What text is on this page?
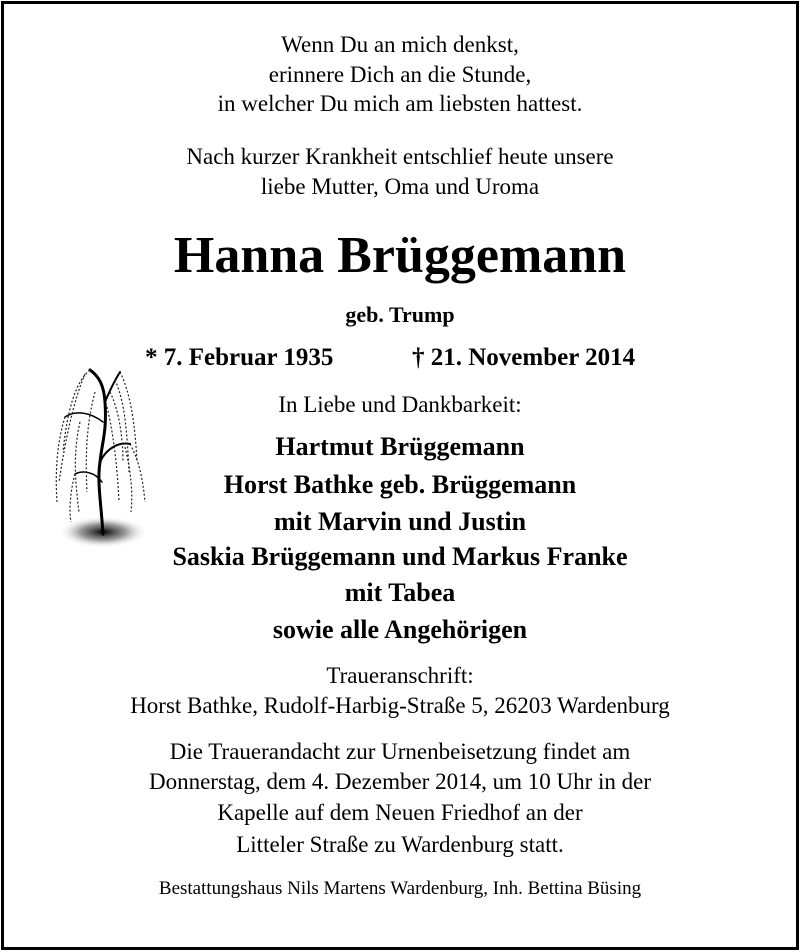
Wenn Du an mich denkst,
erinnere Dich an die Stunde,
in welcher Du mich am liebsten hattest.
Nach kurzer Krankheit entschlief heute unsere
liebe Mutter, Oma und Uroma
Hanna Brüggemann
geb. Trump
* 7. Februar 1935	† 21. November 2014
In Liebe und Dankbarkeit:
Hartmut Brüggemann
Horst Bathke geb. Brüggemann
mit Marvin und Justin
Saskia Brüggemann und Markus Franke
mit Tabea
sowie alle Angehörigen
Traueranschrift:
Horst Bathke, Rudolf-Harbig-Straße 5, 26203 Wardenburg
Die Trauerandacht zur Urnenbeisetzung findet am
Donnerstag, dem 4. Dezember 2014, um 10 Uhr in der
Kapelle auf dem Neuen Friedhof an der
Litteler Straße zu Wardenburg statt.
Bestattungshaus Nils Martens Wardenburg, Inh. Bettina Büsing
